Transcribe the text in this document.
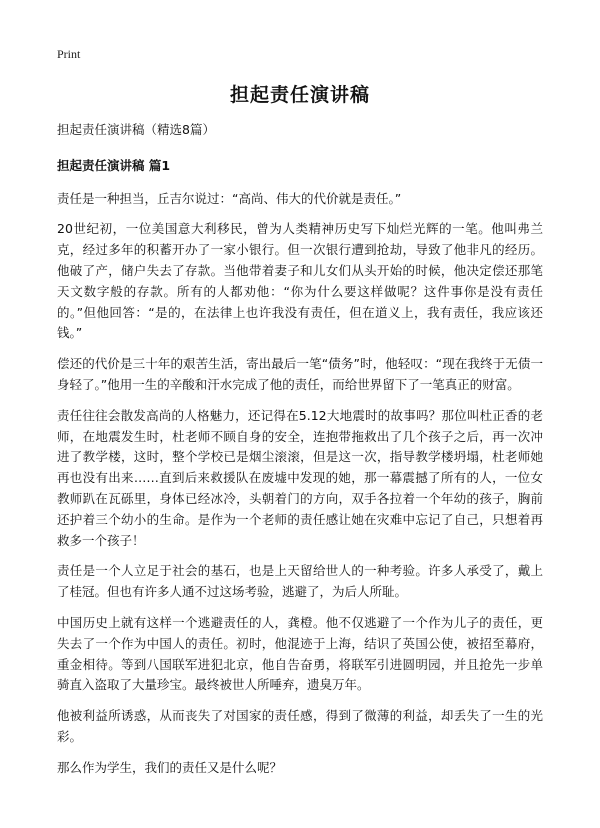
Print
担起责任演讲稿

担起责任演讲稿（精选8篇）

担起责任演讲稿 篇1

责任是一种担当，丘吉尔说过：“高尚、伟大的代价就是责任。”

20世纪初，一位美国意大利移民，曾为人类精神历史写下灿烂光辉的一笔。他叫弗兰克，经过多年的积蓄开办了一家小银行。但一次银行遭到抢劫，导致了他非凡的经历。他破了产，储户失去了存款。当他带着妻子和儿女们从头开始的时候，他决定偿还那笔天文数字般的存款。所有的人都劝他：“你为什么要这样做呢？这件事你是没有责任的。”但他回答：“是的，在法律上也许我没有责任，但在道义上，我有责任，我应该还钱。”

偿还的代价是三十年的艰苦生活，寄出最后一笔“债务”时，他轻叹：“现在我终于无债一身轻了。”他用一生的辛酸和汗水完成了他的责任，而给世界留下了一笔真正的财富。

责任往往会散发高尚的人格魅力，还记得在5.12大地震时的故事吗？那位叫杜正香的老师，在地震发生时，杜老师不顾自身的安全，连抱带拖救出了几个孩子之后，再一次冲进了教学楼，这时，整个学校已是烟尘滚滚，但是这一次，指导教学楼坍塌，杜老师她再也没有出来……直到后来救援队在废墟中发现的她，那一幕震撼了所有的人，一位女教师趴在瓦砾里，身体已经冰冷，头朝着门的方向，双手各拉着一个年幼的孩子，胸前还护着三个幼小的生命。是作为一个老师的责任感让她在灾难中忘记了自己，只想着再救多一个孩子！

责任是一个人立足于社会的基石，也是上天留给世人的一种考验。许多人承受了，戴上了桂冠。但也有许多人通不过这场考验，逃避了，为后人所耻。

中国历史上就有这样一个逃避责任的人，龚橙。他不仅逃避了一个作为儿子的责任，更失去了一个作为中国人的责任。初时，他混迹于上海，结识了英国公使，被招至幕府，重金相待。等到八国联军进犯北京，他自告奋勇，将联军引进圆明园，并且抢先一步单骑直入盗取了大量珍宝。最终被世人所唾弃，遗臭万年。

他被利益所诱惑，从而丧失了对国家的责任感，得到了微薄的利益，却丢失了一生的光彩。

那么作为学生，我们的责任又是什么呢？
